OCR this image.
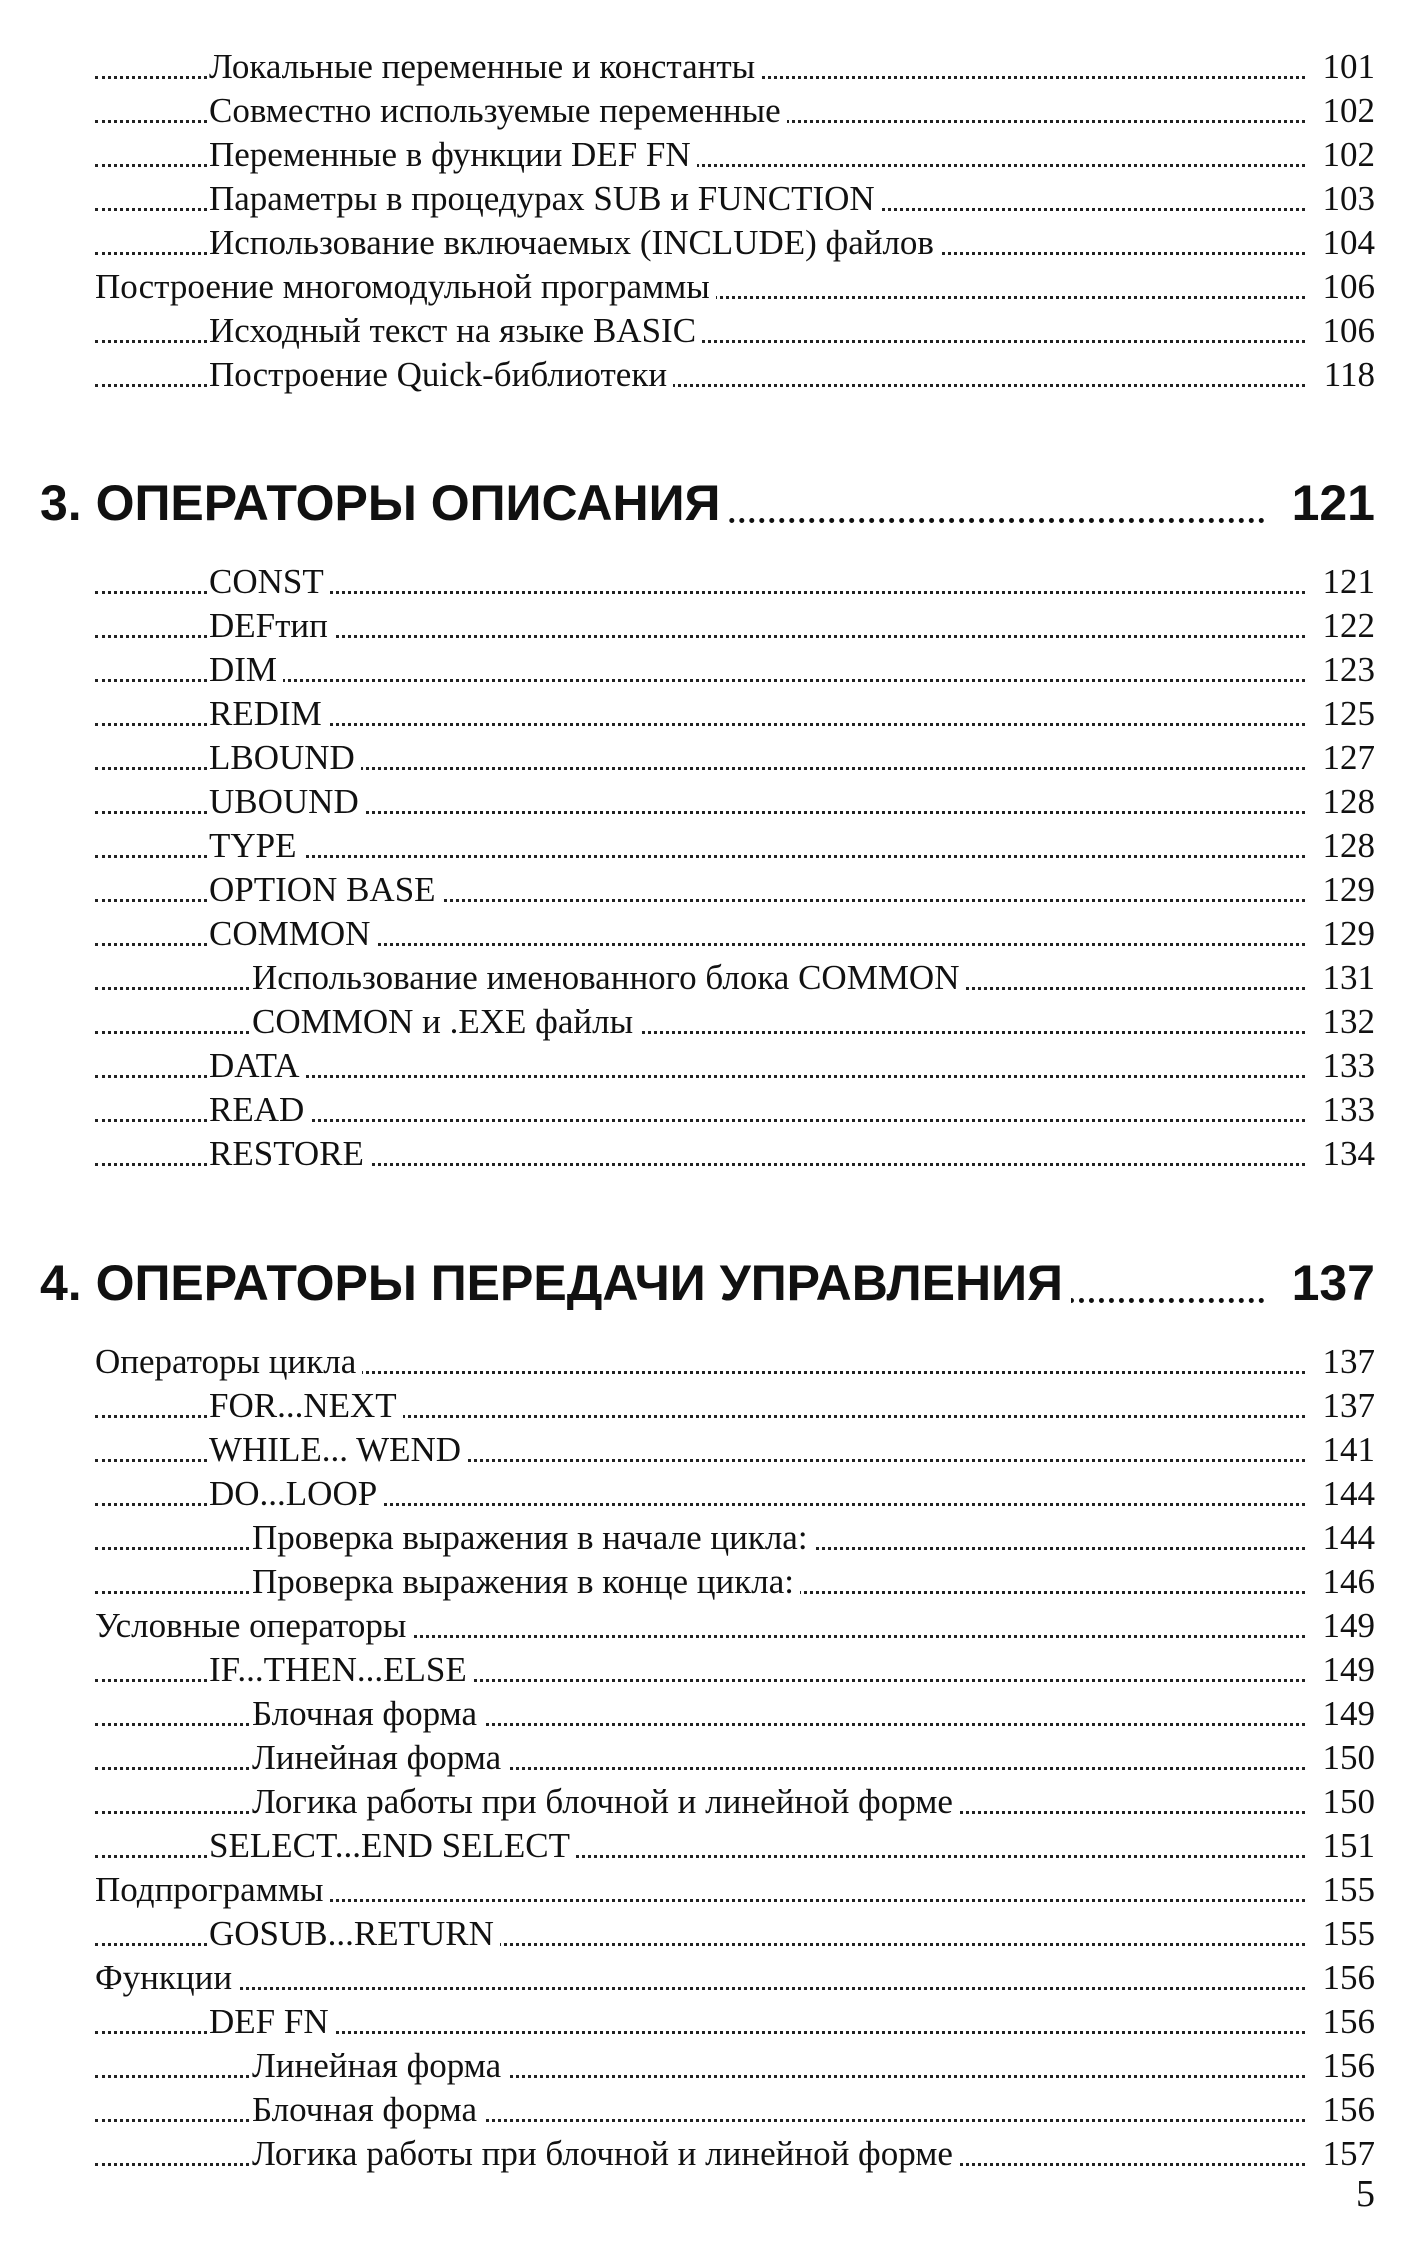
Локальные переменные и константы	101
Совместно используемые переменные	102
Переменные в функции DEF FN	102
Параметры в процедурах SUB и FUNCTION	103
Использование включаемых (INCLUDE) файлов	104
Построение многомодульной программы	106
Исходный текст на языке BASIC	106
Построение Quick-библиотеки	118
3. ОПЕРАТОРЫ ОПИСАНИЯ	121
CONST	121
DEFтип	122
DIM	123
REDIM	125
LBOUND	127
UBOUND	128
TYPE	128
OPTION BASE	129
COMMON	129
Использование именованного блока COMMON	131
COMMON и .EXE файлы	132
DATA	133
READ	133
RESTORE	134
4. ОПЕРАТОРЫ ПЕРЕДАЧИ УПРАВЛЕНИЯ	137
Операторы цикла	137
FOR...NEXT	137
WHILE... WEND	141
DO...LOOP	144
Проверка выражения в начале цикла:	144
Проверка выражения в конце цикла:	146
Условные операторы	149
IF...THEN...ELSE	149
Блочная форма	149
Линейная форма	150
Логика работы при блочной и линейной форме	150
SELECT...END SELECT	151
Подпрограммы	155
GOSUB...RETURN	155
Функции	156
DEF FN	156
Линейная форма	156
Блочная форма	156
Логика работы при блочной и линейной форме	157
5
